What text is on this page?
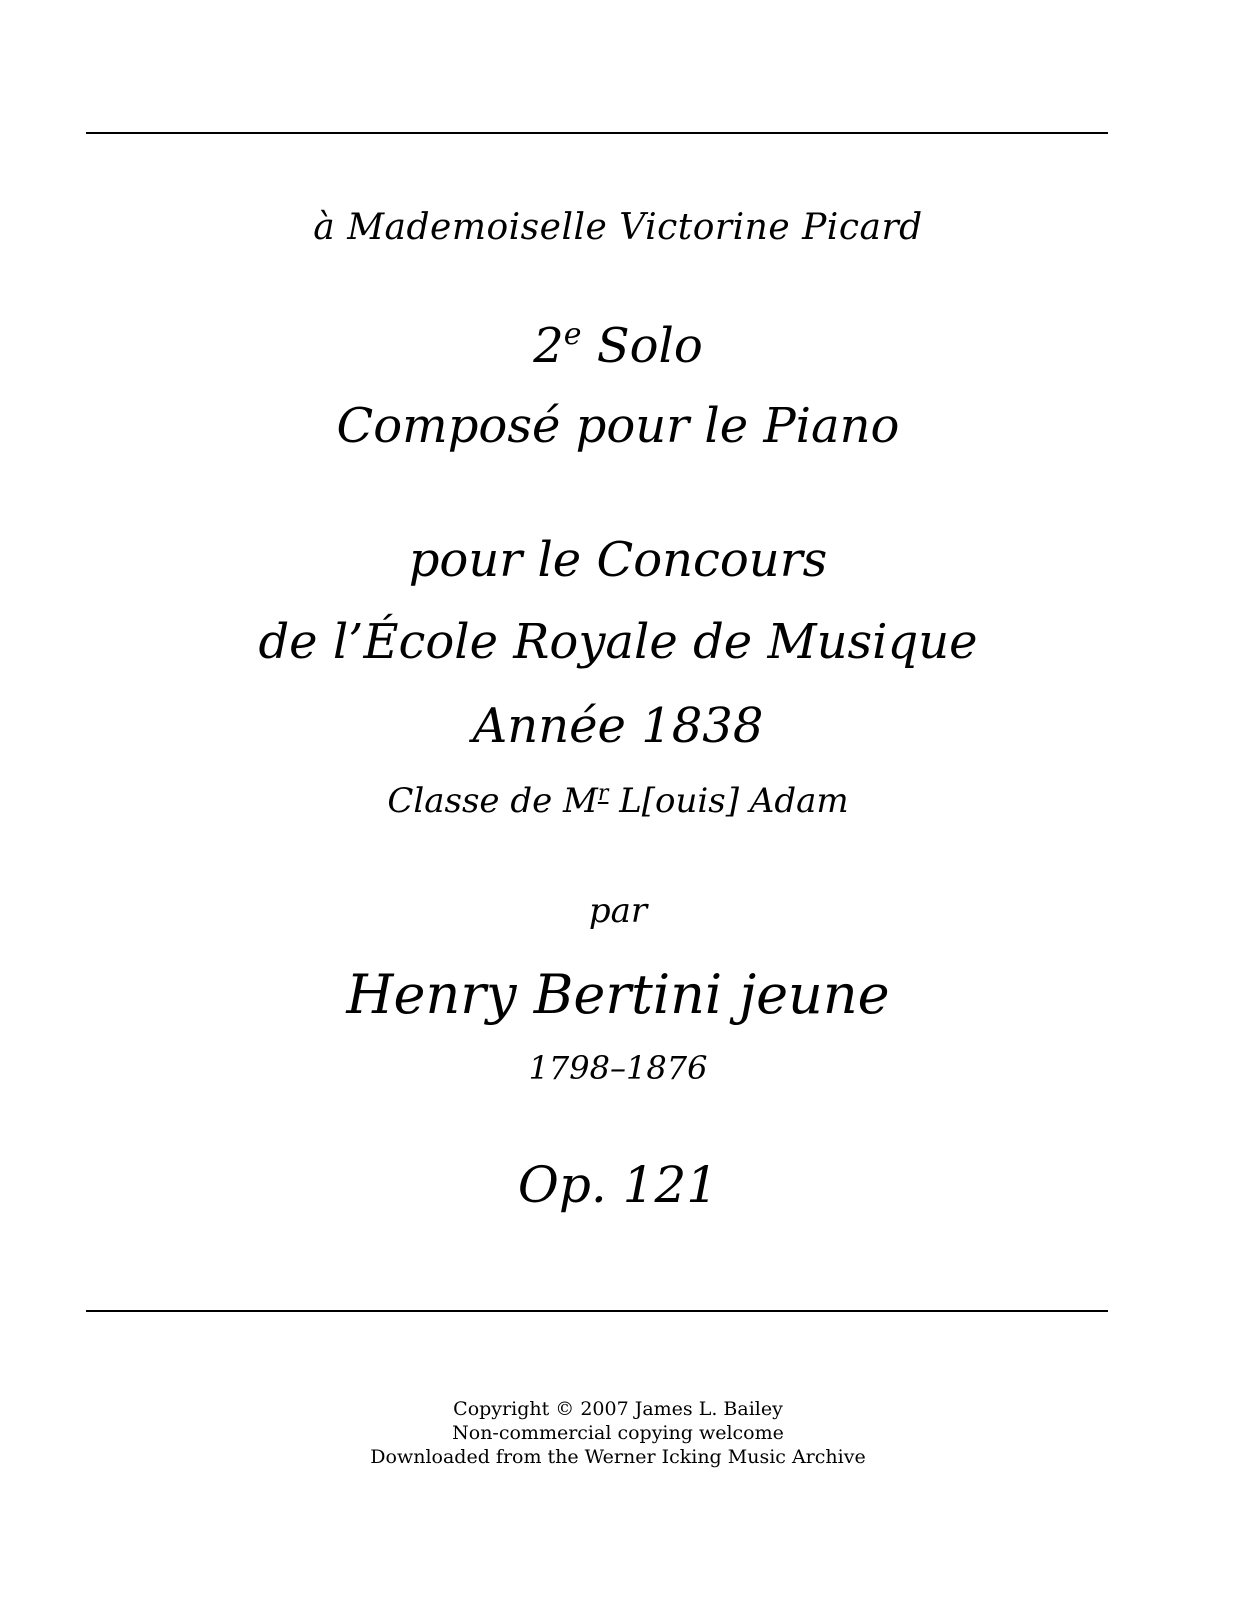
à Mademoiselle Victorine Picard
2e Solo
Composé pour le Piano
pour le Concours
de l’École Royale de Musique
Année 1838
Classe de $M^r$ L[ouis] Adam
par
Henry Bertini jeune
1798–1876
Op. 121
Copyright © 2007 James L. Bailey
Non-commercial copying welcome
Downloaded from the Werner Icking Music Archive
